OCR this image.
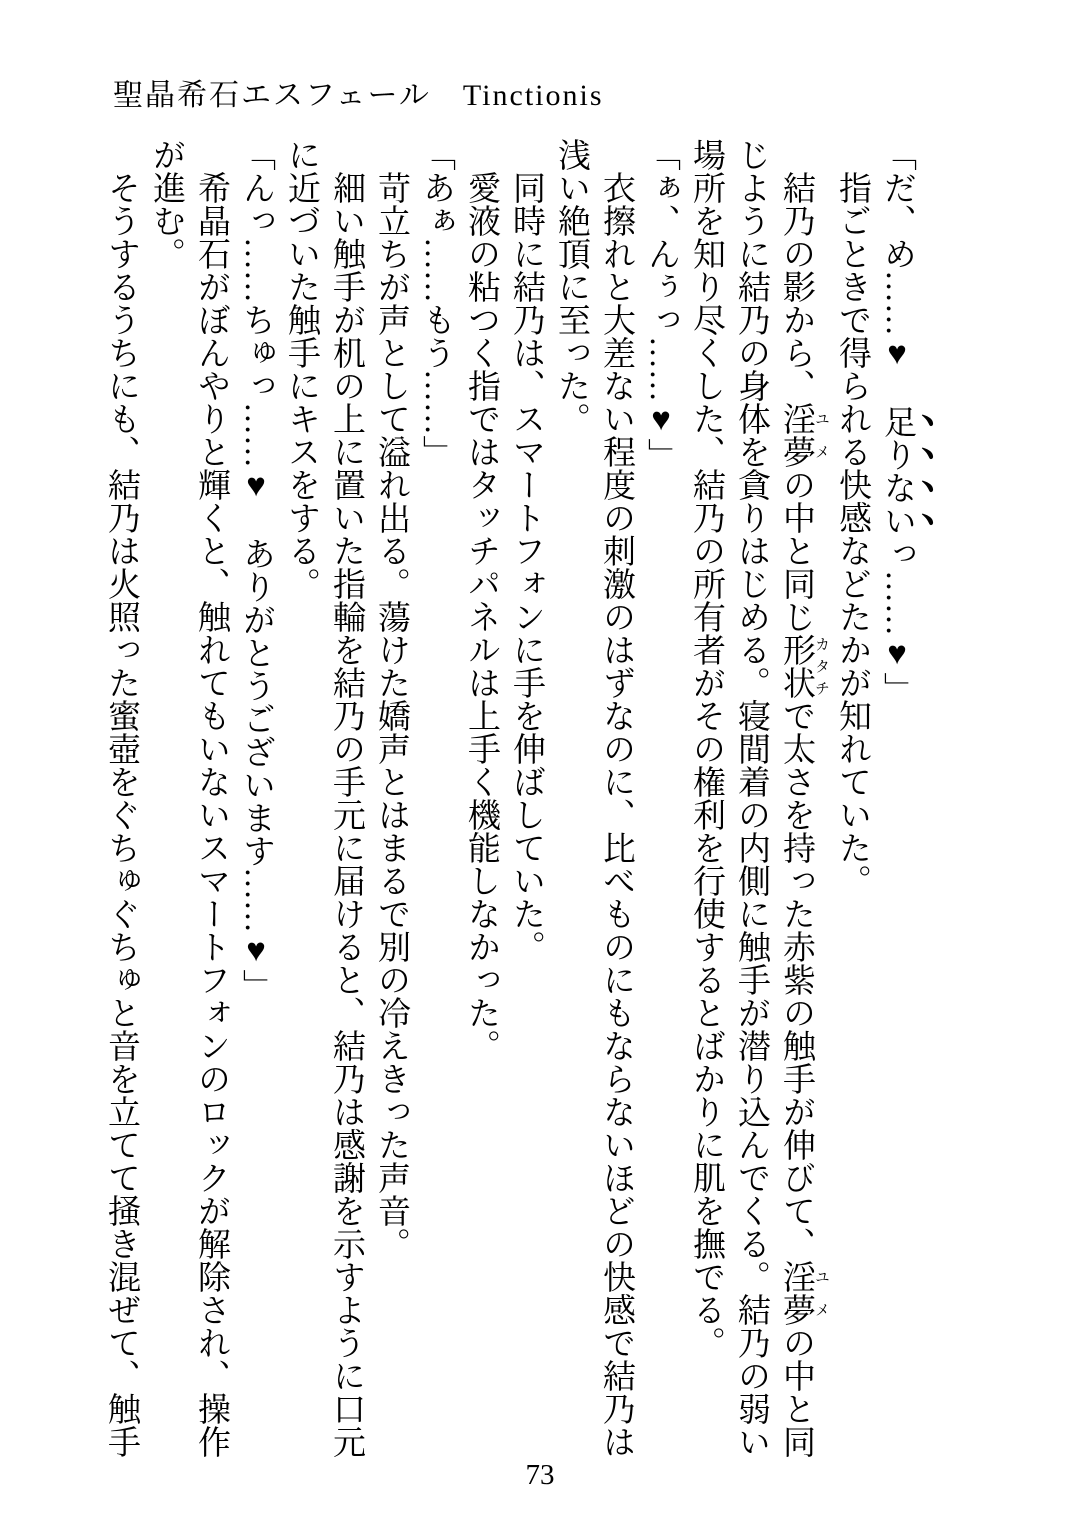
聖晶希石エスフェール　Tinctionis

「だ、め……♥　足りないっ……♥」

指ごときで得られる快感などたかが知れていた。

結乃の影から、淫夢 ユメの中と同じ形状 カタチで太さを持った赤紫の触手が伸びて、淫夢 ユメの中と同じように結乃の身体を貪りはじめる。寝間着の内側に触手が潜り込んでくる。結乃の弱い場所を知り尽くした、結乃の所有者がその権利を行使するとばかりに肌を撫でる。

「ぁ、んぅっ……♥」

衣擦れと大差ない程度の刺激のはずなのに、比べものにもならないほどの快感で結乃は浅い絶頂に至った。

同時に結乃は、スマートフォンに手を伸ばしていた。

愛液の粘つく指ではタッチパネルは上手く機能しなかった。

「あぁ……もう……」

苛立ちが声として溢れ出る。蕩けた嬌声とはまるで別の冷えきった声音。

細い触手が机の上に置いた指輪を結乃の手元に届けると、結乃は感謝を示すように口元に近づいた触手にキスをする。

「んっ……ちゅっ……♥　ありがとうございます……♥」

希晶石がぼんやりと輝くと、触れてもいないスマートフォンのロックが解除され、操作が進む。

そうするうちにも、結乃は火照った蜜壺をぐちゅぐちゅと音を立てて掻き混ぜて、触手

73
